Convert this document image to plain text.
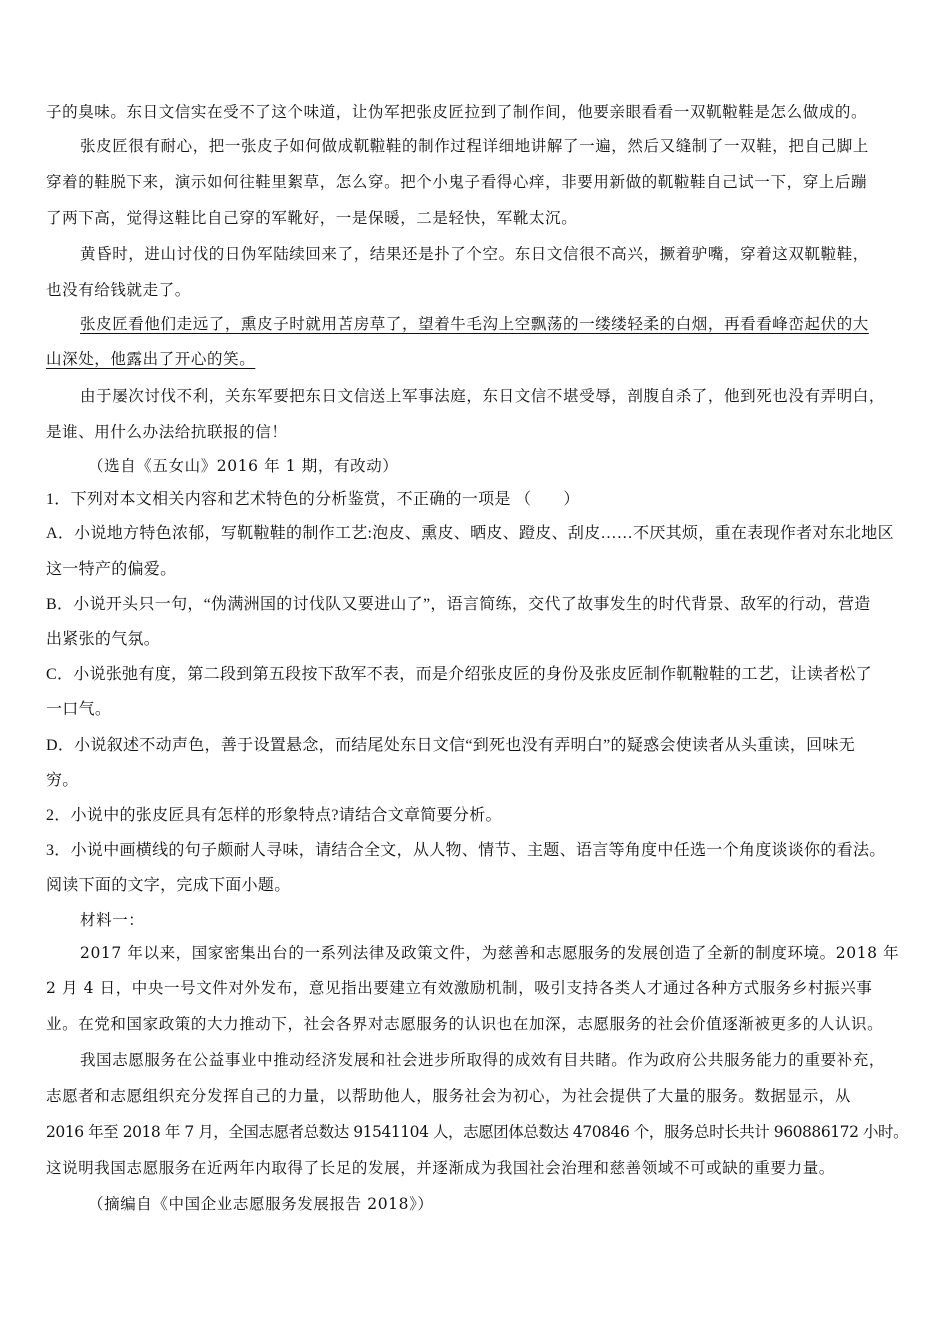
子的臭味。东日文信实在受不了这个味道，让伪军把张皮匠拉到了制作间，他要亲眼看看一双靰鞡鞋是怎么做成的。
张皮匠很有耐心，把一张皮子如何做成靰鞡鞋的制作过程详细地讲解了一遍，然后又缝制了一双鞋，把自己脚上
穿着的鞋脱下来，演示如何往鞋里絮草，怎么穿。把个小鬼子看得心痒，非要用新做的靰鞡鞋自己试一下，穿上后蹦
了两下高，觉得这鞋比自己穿的军靴好，一是保暖，二是轻快，军靴太沉。
黄昏时，进山讨伐的日伪军陆续回来了，结果还是扑了个空。东日文信很不高兴，撅着驴嘴，穿着这双靰鞡鞋，
也没有给钱就走了。
张皮匠看他们走远了，熏皮子时就用苫房草了，望着牛毛沟上空飘荡的一缕缕轻柔的白烟，再看看峰峦起伏的大
山深处，他露出了开心的笑。
由于屡次讨伐不利，关东军要把东日文信送上军事法庭，东日文信不堪受辱，剖腹自杀了，他到死也没有弄明白，
是谁、用什么办法给抗联报的信！
（选自《五女山》2016 年 1 期，有改动）
1．下列对本文相关内容和艺术特色的分析鉴赏，不正确的一项是 （ ）
A．小说地方特色浓郁，写靰鞡鞋的制作工艺:泡皮、熏皮、晒皮、蹬皮、刮皮……不厌其烦，重在表现作者对东北地区
这一特产的偏爱。
B．小说开头只一句，“伪满洲国的讨伐队又要进山了”，语言简练，交代了故事发生的时代背景、敌军的行动，营造
出紧张的气氛。
C．小说张弛有度，第二段到第五段按下敌军不表，而是介绍张皮匠的身份及张皮匠制作靰鞡鞋的工艺，让读者松了
一口气。
D．小说叙述不动声色，善于设置悬念，而结尾处东日文信“到死也没有弄明白”的疑惑会使读者从头重读，回味无
穷。
2．小说中的张皮匠具有怎样的形象特点?请结合文章简要分析。
3．小说中画横线的句子颇耐人寻味，请结合全文，从人物、情节、主题、语言等角度中任选一个角度谈谈你的看法。
阅读下面的文字，完成下面小题。
材料一：
2017 年以来，国家密集出台的一系列法律及政策文件，为慈善和志愿服务的发展创造了全新的制度环境。2018 年
2 月 4 日，中央一号文件对外发布，意见指出要建立有效激励机制，吸引支持各类人才通过各种方式服务乡村振兴事
业。在党和国家政策的大力推动下，社会各界对志愿服务的认识也在加深，志愿服务的社会价值逐渐被更多的人认识。
我国志愿服务在公益事业中推动经济发展和社会进步所取得的成效有目共睹。作为政府公共服务能力的重要补充，
志愿者和志愿组织充分发挥自己的力量，以帮助他人，服务社会为初心，为社会提供了大量的服务。数据显示，从
2016 年至 2018 年 7 月，全国志愿者总数达 91541104 人，志愿团体总数达 470846 个，服务总时长共计 960886172 小时。
这说明我国志愿服务在近两年内取得了长足的发展，并逐渐成为我国社会治理和慈善领域不可或缺的重要力量。
（摘编自《中国企业志愿服务发展报告 2018》）
